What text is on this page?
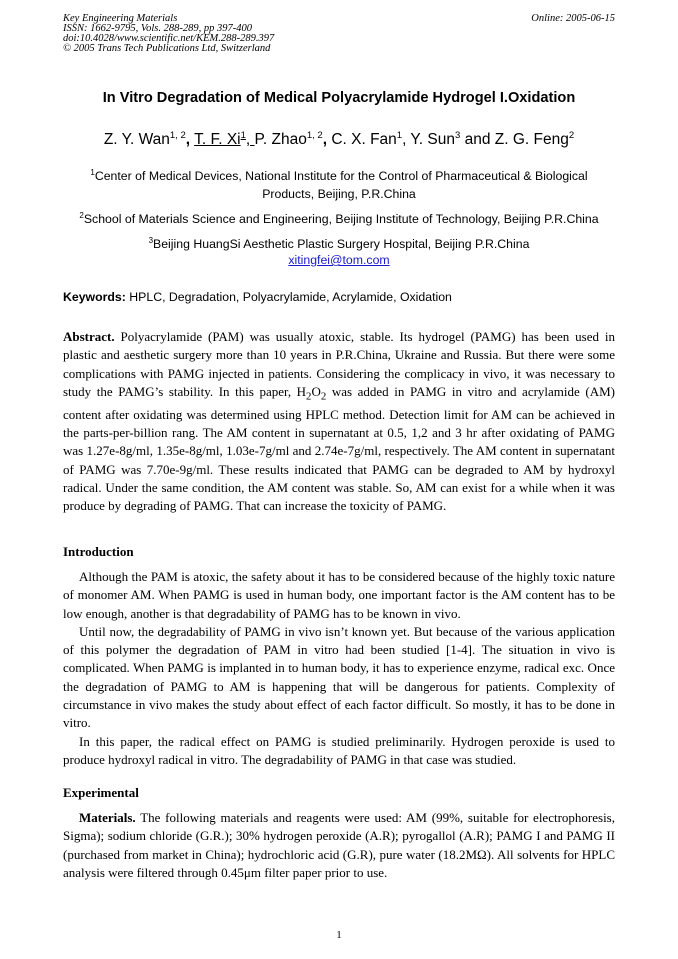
Key Engineering Materials
ISSN: 1662-9795, Vols. 288-289, pp 397-400
doi:10.4028/www.scientific.net/KEM.288-289.397
© 2005 Trans Tech Publications Ltd, Switzerland
Online: 2005-06-15
In Vitro Degradation of Medical Polyacrylamide Hydrogel I.Oxidation
Z. Y. Wan$^{1, 2}$, T. F. Xi$^1$, P. Zhao$^{1, 2}$, C. X. Fan$^1$, Y. Sun$^3$ and Z. G. Feng$^2$
$^1$Center of Medical Devices, National Institute for the Control of Pharmaceutical & Biological Products, Beijing, P.R.China
$^2$School of Materials Science and Engineering, Beijing Institute of Technology, Beijing P.R.China
$^3$Beijing HuangSi Aesthetic Plastic Surgery Hospital, Beijing P.R.China
xitingfei@tom.com
Keywords: HPLC, Degradation, Polyacrylamide, Acrylamide, Oxidation
Abstract. Polyacrylamide (PAM) was usually atoxic, stable. Its hydrogel (PAMG) has been used in plastic and aesthetic surgery more than 10 years in P.R.China, Ukraine and Russia. But there were some complications with PAMG injected in patients. Considering the complicacy in vivo, it was necessary to study the PAMG’s stability. In this paper, $H_2O_2$ was added in PAMG in vitro and acrylamide (AM) content after oxidating was determined using HPLC method. Detection limit for AM can be achieved in the parts-per-billion rang. The AM content in supernatant at 0.5, 1,2 and 3 hr after oxidating of PAMG was 1.27e-8g/ml, 1.35e-8g/ml, 1.03e-7g/ml and 2.74e-7g/ml, respectively. The AM content in supernatant of PAMG was 7.70e-9g/ml. These results indicated that PAMG can be degraded to AM by hydroxyl radical. Under the same condition, the AM content was stable. So, AM can exist for a while when it was produce by degrading of PAMG. That can increase the toxicity of PAMG.
Introduction

Although the PAM is atoxic, the safety about it has to be considered because of the highly toxic nature of monomer AM. When PAMG is used in human body, one important factor is the AM content has to be low enough, another is that degradability of PAMG has to be known in vivo.

Until now, the degradability of PAMG in vivo isn’t known yet. But because of the various application of this polymer the degradation of PAM in vitro had been studied [1-4]. The situation in vivo is complicated. When PAMG is implanted in to human body, it has to experience enzyme, radical exc. Once the degradation of PAMG to AM is happening that will be dangerous for patients. Complexity of circumstance in vivo makes the study about effect of each factor difficult. So mostly, it has to be done in vitro.

In this paper, the radical effect on PAMG is studied preliminarily. Hydrogen peroxide is used to produce hydroxyl radical in vitro. The degradability of PAMG in that case was studied.

Experimental

Materials. The following materials and reagents were used: AM (99%, suitable for electrophoresis, Sigma); sodium chloride (G.R.); 30% hydrogen peroxide (A.R); pyrogallol (A.R); PAMG I and PAMG II (purchased from market in China); hydrochloric acid (G.R), pure water (18.2MΩ). All solvents for HPLC analysis were filtered through 0.45μm filter paper prior to use.

1
